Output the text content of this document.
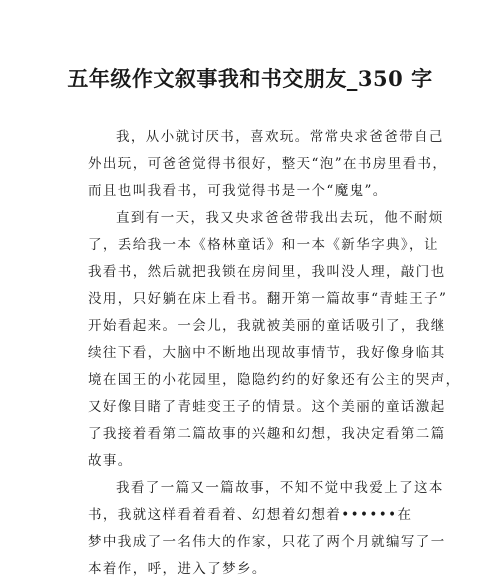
五年级作文叙事我和书交朋友_350 字

我，从小就讨厌书，喜欢玩。常常央求爸爸带自己
外出玩，可爸爸觉得书很好，整天“泡”在书房里看书，
而且也叫我看书，可我觉得书是一个“魔鬼”。

直到有一天，我又央求爸爸带我出去玩，他不耐烦
了，丢给我一本《格林童话》和一本《新华字典》，让
我看书，然后就把我锁在房间里，我叫没人理，敲门也
没用，只好躺在床上看书。翻开第一篇故事“青蛙王子”
开始看起来。一会儿，我就被美丽的童话吸引了，我继
续往下看，大脑中不断地出现故事情节，我好像身临其
境在国王的小花园里，隐隐约约的好象还有公主的哭声，
又好像目睹了青蛙变王子的情景。这个美丽的童话激起
了我接着看第二篇故事的兴趣和幻想，我决定看第二篇
故事。

我看了一篇又一篇故事，不知不觉中我爱上了这本
书，我就这样看着看着、幻想着幻想着••••••在
梦中我成了一名伟大的作家，只花了两个月就编写了一
本着作，呼，进入了梦乡。
